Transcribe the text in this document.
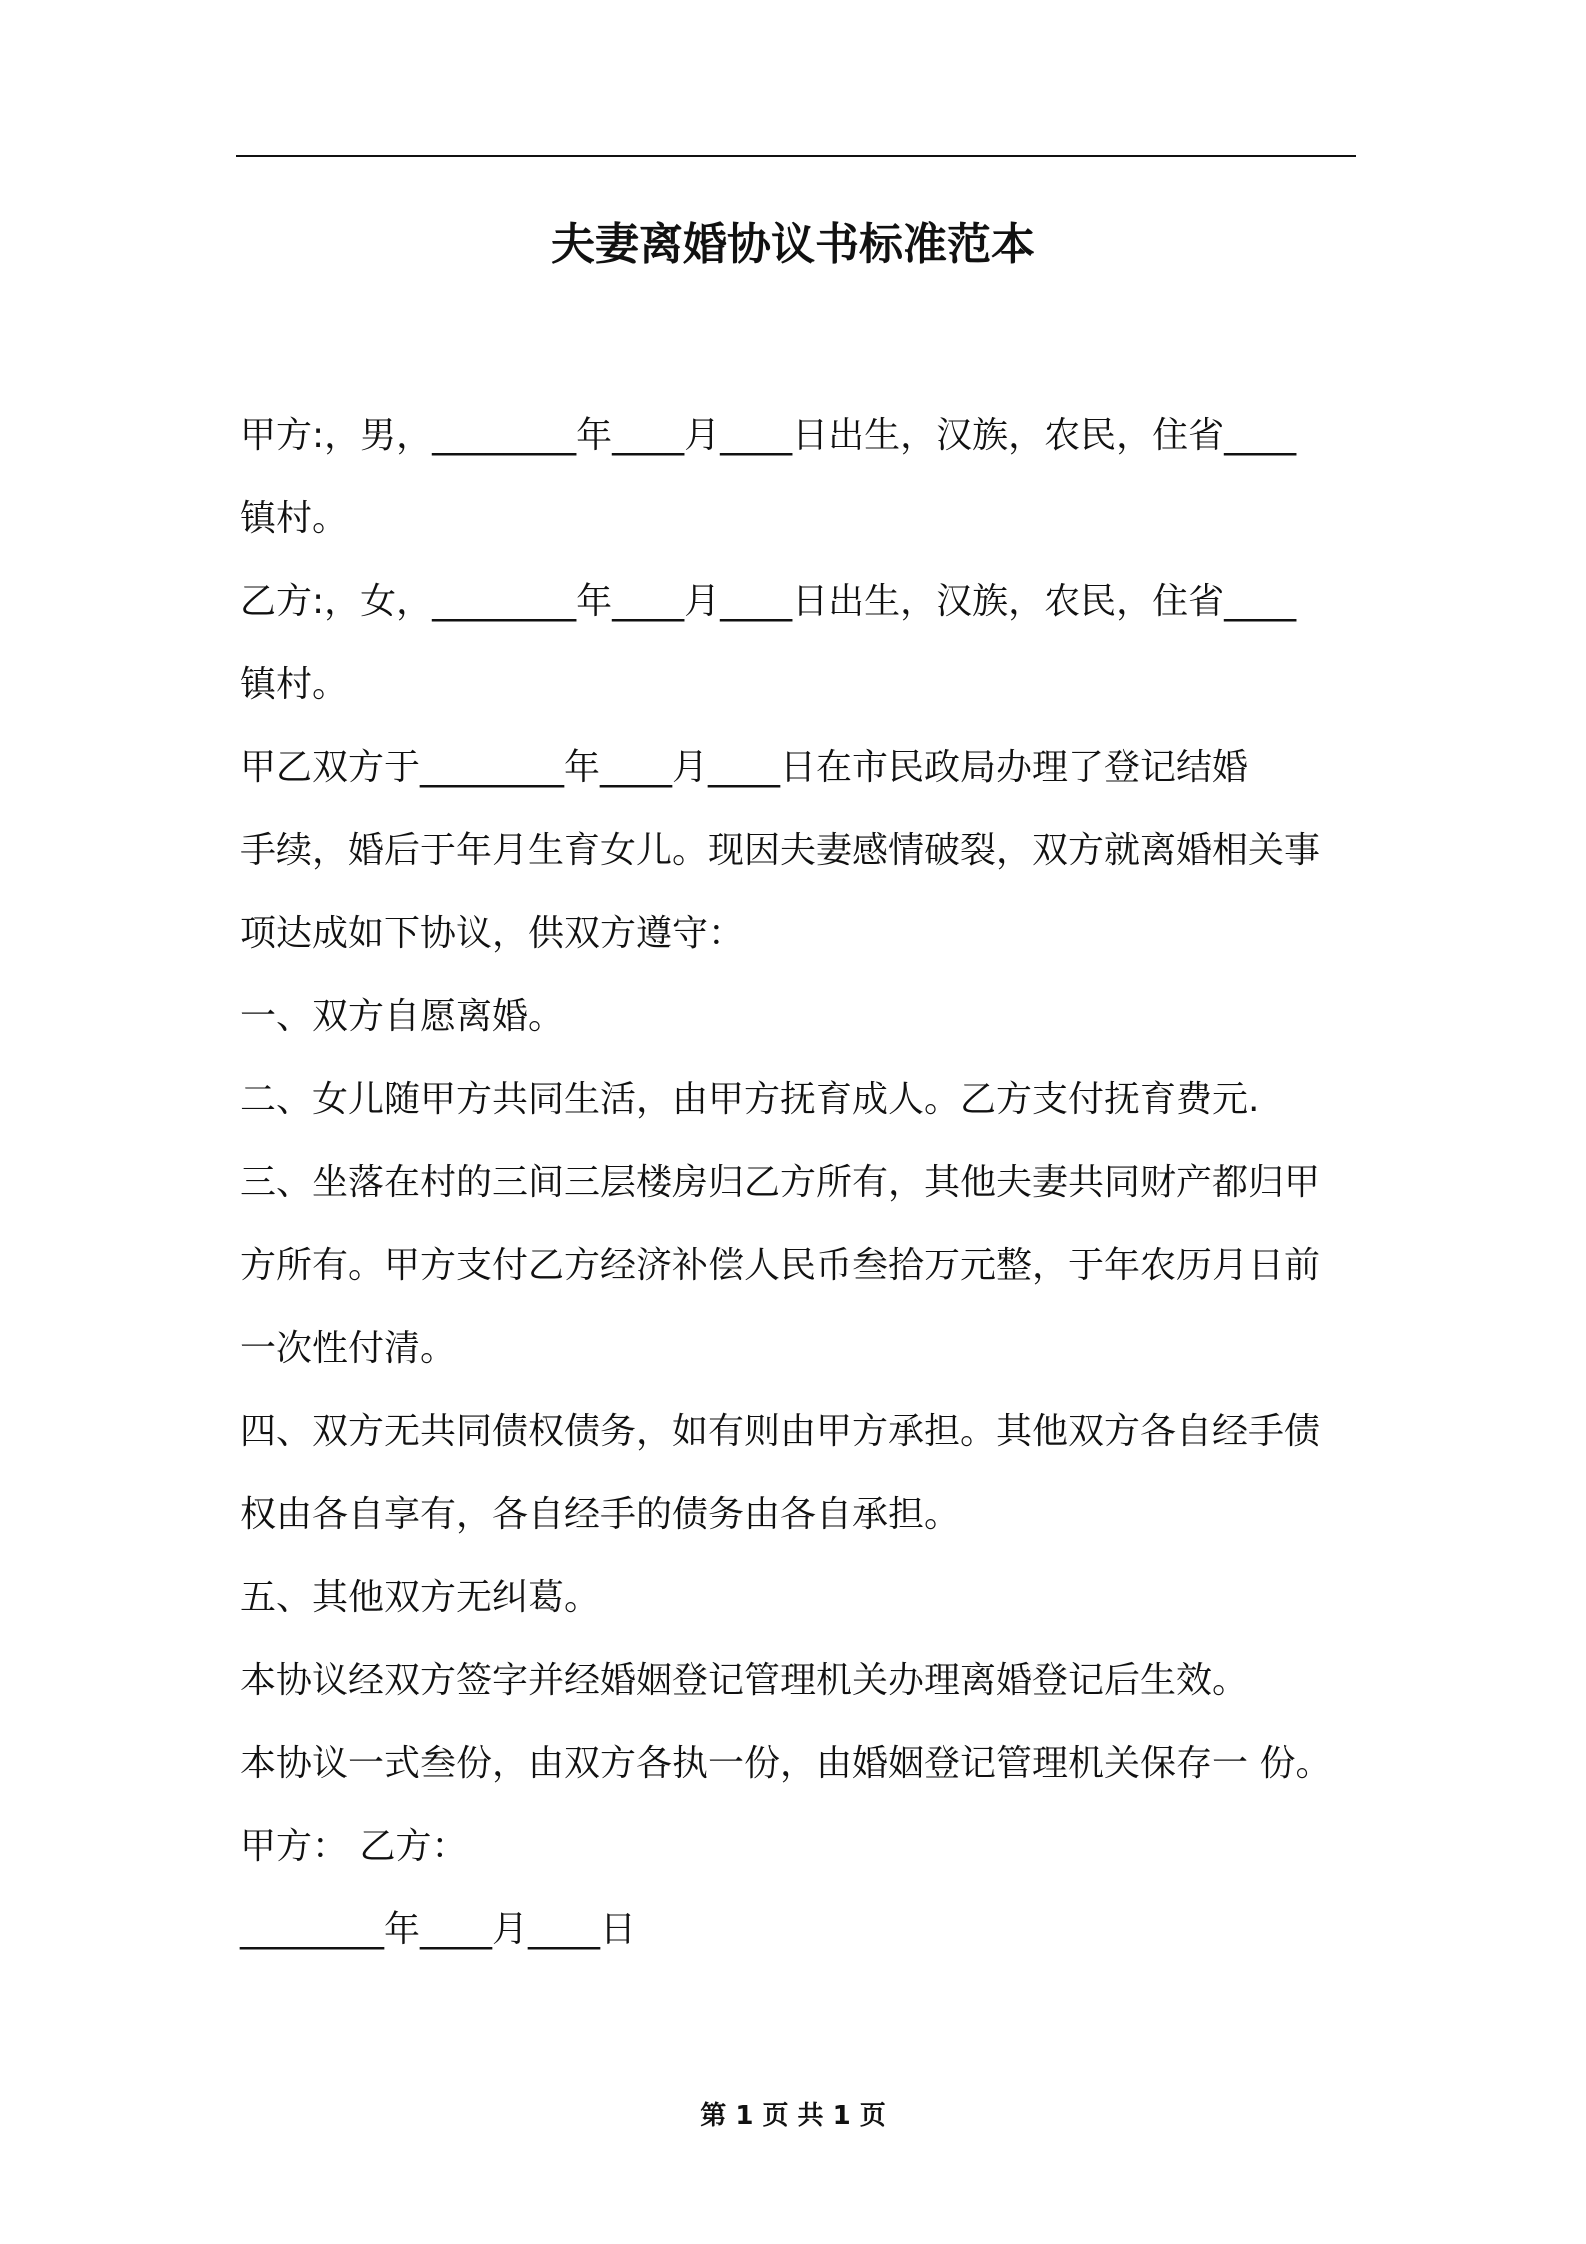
夫妻离婚协议书标准范本
甲方:，男，________年____月____日出生，汉族，农民，住省____
镇村。
乙方:，女，________年____月____日出生，汉族，农民，住省____
镇村。
甲乙双方于________年____月____日在市民政局办理了登记结婚
手续，婚后于年月生育女儿。现因夫妻感情破裂，双方就离婚相关事
项达成如下协议，供双方遵守：
一、双方自愿离婚。
二、女儿随甲方共同生活，由甲方抚育成人。乙方支付抚育费元.
三、坐落在村的三间三层楼房归乙方所有，其他夫妻共同财产都归甲
方所有。甲方支付乙方经济补偿人民币叁拾万元整，于年农历月日前
一次性付清。
四、双方无共同债权债务，如有则由甲方承担。其他双方各自经手债
权由各自享有，各自经手的债务由各自承担。
五、其他双方无纠葛。
本协议经双方签字并经婚姻登记管理机关办理离婚登记后生效。
本协议一式叁份，由双方各执一份，由婚姻登记管理机关保存一 份。
甲方： 乙方：
________年____月____日
第 1 页 共 1 页
